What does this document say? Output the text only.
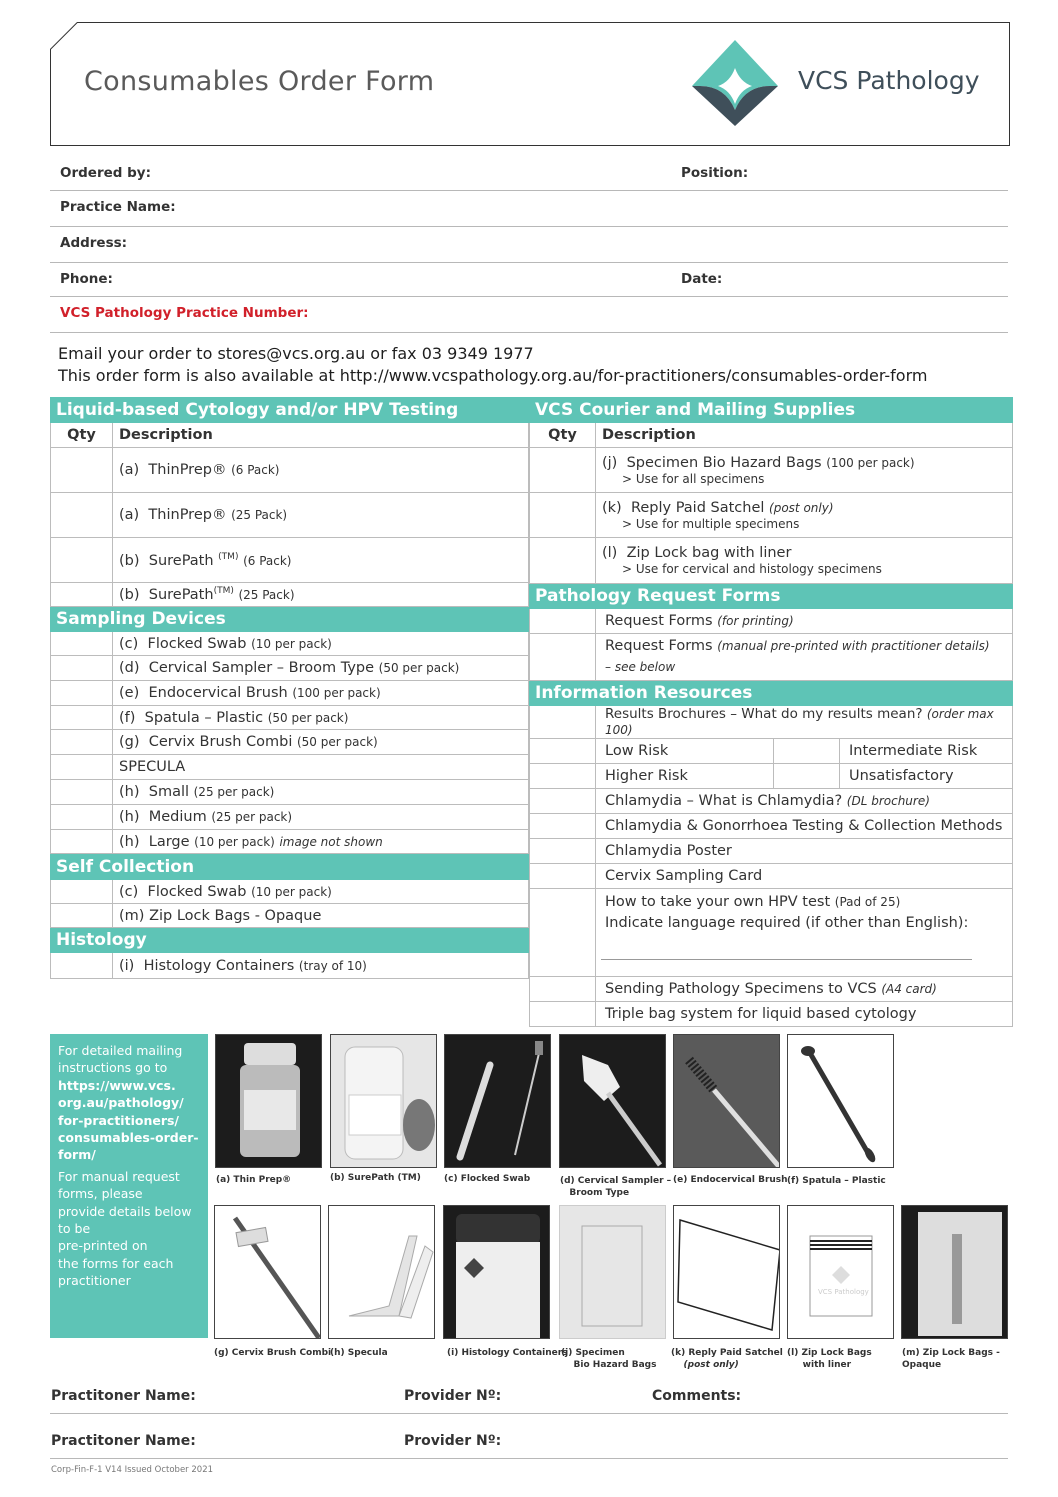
Consumables Order Form	VCS Pathology
Ordered by:	Position:
Practice Name:
Address:
Phone:	Date:
VCS Pathology Practice Number:
Email your order to stores@vcs.org.au or fax 03 9349 1977
This order form is also available at http://www.vcspathology.org.au/for-practitioners/consumables-order-form
Liquid-based Cytology and/or HPV Testing	
Qty	Description
	(a) ThinPrep® (6 Pack)
	(a) ThinPrep® (25 Pack)
	(b) SurePath $^{(TM)}$ (6 Pack)
	(b) SurePath$^{(TM)}$ (25 Pack)
Sampling Devices	
	(c) Flocked Swab (10 per pack)
	(d) Cervical Sampler – Broom Type (50 per pack)
	(e) Endocervical Brush (100 per pack)
	(f) Spatula – Plastic (50 per pack)
	(g) Cervix Brush Combi (50 per pack)
	SPECULA
	(h) Small (25 per pack)
	(h) Medium (25 per pack)
	(h) Large (10 per pack) image not shown
Self Collection	
	(c) Flocked Swab (10 per pack)
	(m) Zip Lock Bags - Opaque
Histology	
	(i) Histology Containers (tray of 10)
VCS Courier and Mailing Supplies			
Qty	Description		
	(j) Specimen Bio Hazard Bags (100 per pack)
> Use for all specimens		

	(k) Reply Paid Satchel (post only)
> Use for multiple specimens		

	(l) Zip Lock bag with liner
> Use for cervical and histology specimens		

Pathology Request Forms			
	Request Forms (for printing)		
	Request Forms (manual pre-printed with practitioner details)
– see below		
Information Resources			
	Results Brochures – What do my results mean? (order max 100)		
	Low Risk		Intermediate Risk
	Higher Risk		Unsatisfactory
	Chlamydia – What is Chlamydia? (DL brochure)		
	Chlamydia & Gonorrhoea Testing & Collection Methods		
	Chlamydia Poster		
	Cervix Sampling Card		
	How to take your own HPV test (Pad of 25)
Indicate language required (if other than English):		

	Sending Pathology Specimens to VCS (A4 card)		
	Triple bag system for liquid based cytology		
For detailed mailing instructions go to
https://www.vcs.
org.au/pathology/
for-practitioners/
consumables-order-
form/
For manual request
forms, please
provide details below
to be
pre-printed on
the forms for each
practitioner
(a) Thin Prep®	(b) SurePath (TM)	(c) Flocked Swab	(d) Cervical Sampler –
Broom Type
(e) Endocervical Brush (f) Spatula – Plastic
VCS Pathology
(g) Cervix Brush Combi
(h) Specula	(i) Histology Containers
(j) Specimen
Bio Hazard Bags
(k) Reply Paid Satchel
(post only)
(l) Zip Lock Bags
with liner
(m) Zip Lock Bags -
Opaque
Practitoner Name:	Provider Nº:	Comments:
Practitoner Name:	Provider Nº:
Corp-Fin-F-1 V14 Issued October 2021
